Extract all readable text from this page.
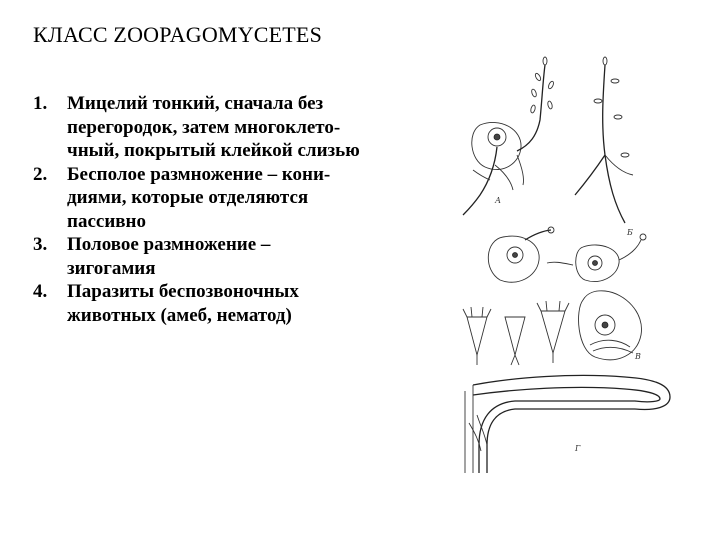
КЛАСС ZOOPAGOMYCETES
1.	Мицелий тонкий, сначала без
перегородок, затем многоклето-
чный, покрытый клейкой слизью
2.	Бесполое размножение – кони-
диями, которые отделяются
пассивно
3.	Половое размножение –
зигогамия
4.	Паразиты беспозвоночных
животных (амеб, нематод)
А
Б
В
Г
